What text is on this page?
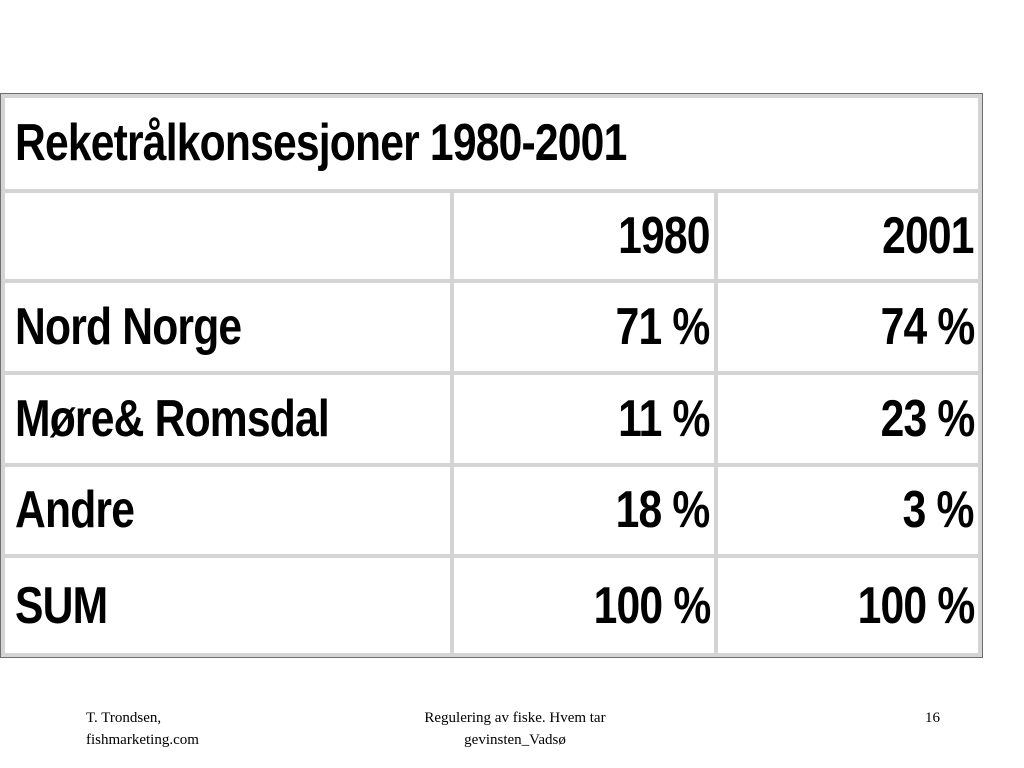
Reketrålkonsesjoner 1980-2001		
	1980	2001
Nord Norge	71 %	74 %
Møre& Romsdal	11 %	23 %
Andre	18 %	3 %
SUM	100 %	100 %
T. Trondsen,
fishmarketing.com
Regulering av fiske. Hvem tar
gevinsten_Vadsø
16
